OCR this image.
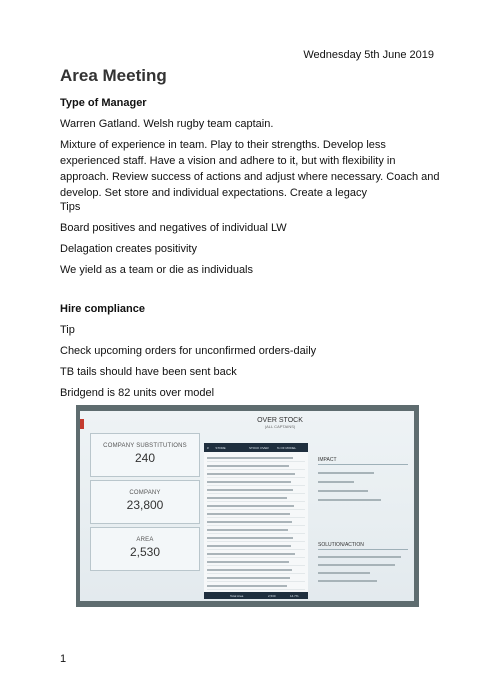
Wednesday 5th June 2019
Area Meeting

Type of Manager

Warren Gatland. Welsh rugby team captain.

Mixture of experience in team. Play to their strengths. Develop less experienced staff. Have a vision and adhere to it, but with flexibility in approach. Review success of actions and adjust where necessary. Coach and develop. Set store and individual expectations. Create a legacy

Tips

Board positives and negatives of individual LW

Delagation creates positivity

We yield as a team or die as individuals

Hire compliance

Tip

Check upcoming orders for unconfirmed orders-daily

TB tails should have been sent back

Bridgend is 82 units over model

COMPANY SUBSTITUTIONS
240
COMPANY
23,800
AREA
2,530
OVER STOCK
(ALL CAPTAINS)
#	STORE	STOCK OVER	% OF MODEL
Total Area	2,530	14.7%
IMPACT
SOLUTION/ACTION
1
